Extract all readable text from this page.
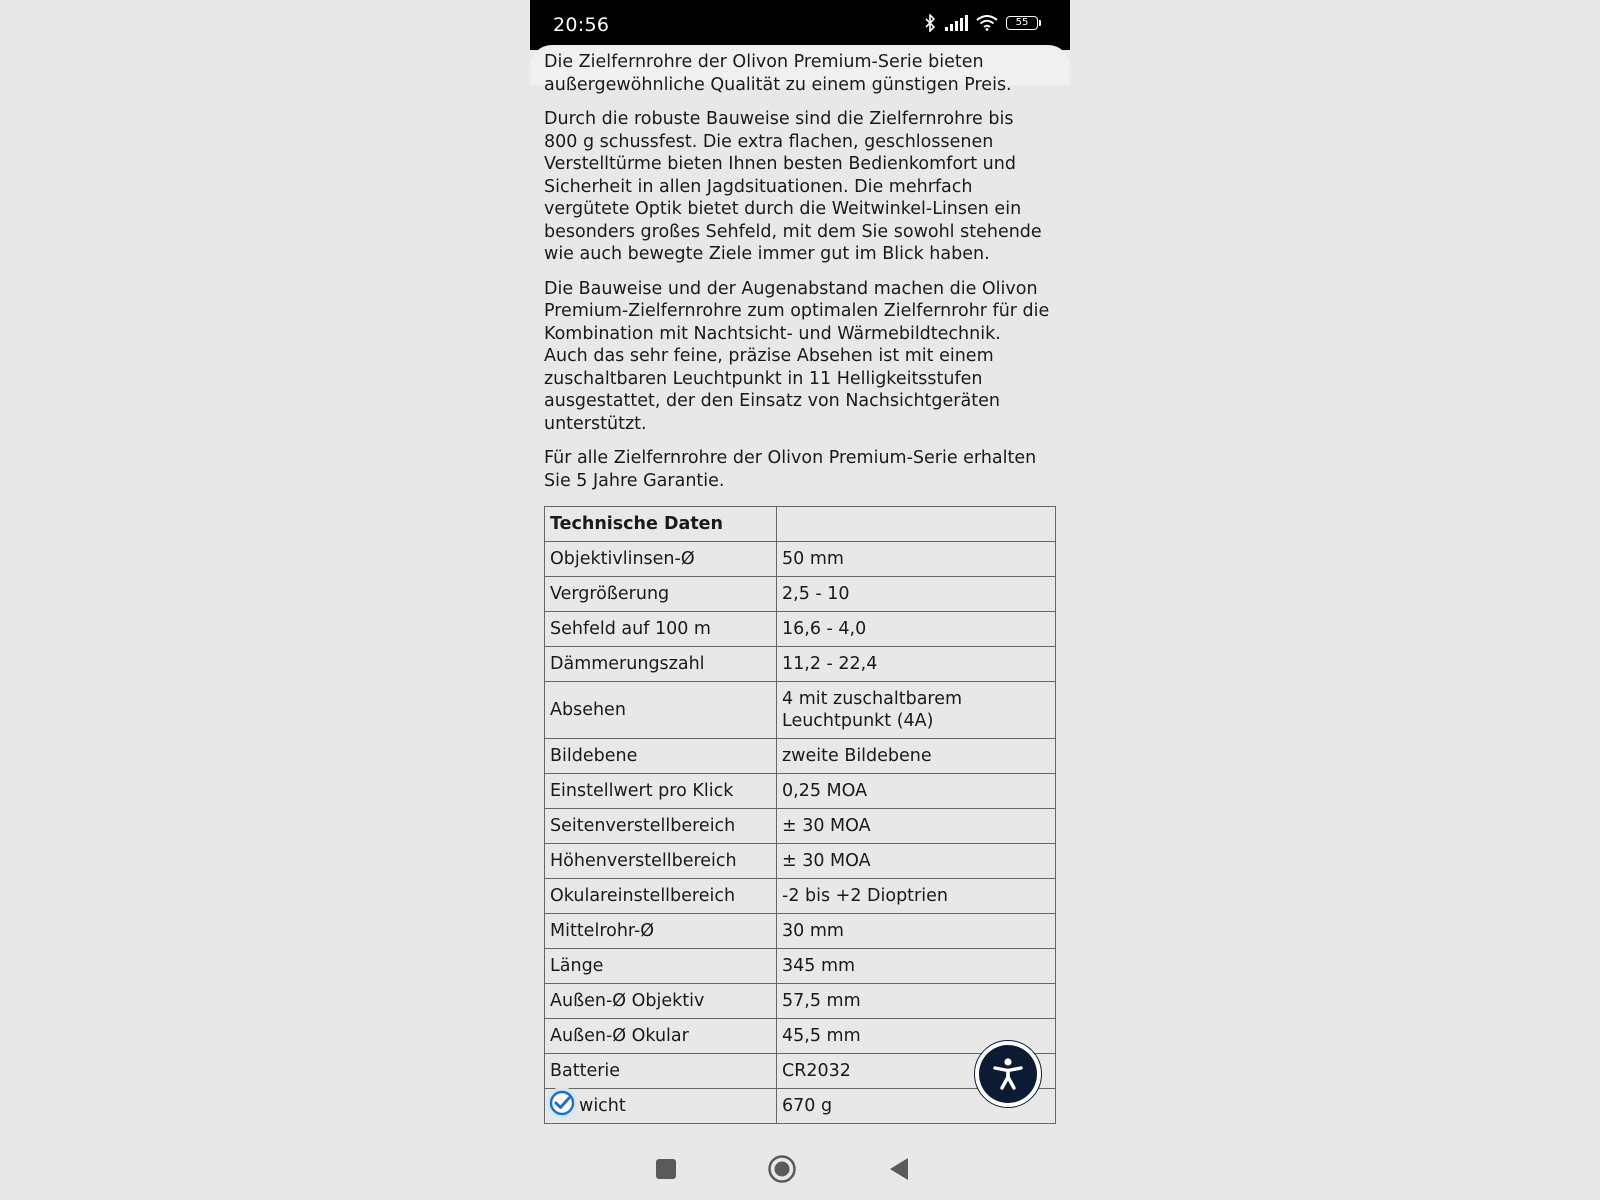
20:56	55

Die Zielfernrohre der Olivon Premium-Serie bieten
außergewöhnliche Qualität zu einem günstigen Preis.

Durch die robuste Bauweise sind die Zielfernrohre bis
800 g schussfest. Die extra flachen, geschlossenen
Verstelltürme bieten Ihnen besten Bedienkomfort und
Sicherheit in allen Jagdsituationen. Die mehrfach
vergütete Optik bietet durch die Weitwinkel-Linsen ein
besonders großes Sehfeld, mit dem Sie sowohl stehende
wie auch bewegte Ziele immer gut im Blick haben.

Die Bauweise und der Augenabstand machen die Olivon
Premium-Zielfernrohre zum optimalen Zielfernrohr für die
Kombination mit Nachtsicht- und Wärmebildtechnik.
Auch das sehr feine, präzise Absehen ist mit einem
zuschaltbaren Leuchtpunkt in 11 Helligkeitsstufen
ausgestattet, der den Einsatz von Nachsichtgeräten
unterstützt.

Für alle Zielfernrohre der Olivon Premium-Serie erhalten
Sie 5 Jahre Garantie.

Technische Daten	
Objektivlinsen-Ø	50 mm
Vergrößerung	2,5 - 10
Sehfeld auf 100 m	16,6 - 4,0
Dämmerungszahl	11,2 - 22,4
Absehen	4 mit zuschaltbarem
Leuchtpunkt (4A)
Bildebene	zweite Bildebene
Einstellwert pro Klick	0,25 MOA
Seitenverstellbereich	± 30 MOA
Höhenverstellbereich	± 30 MOA
Okulareinstellbereich	-2 bis +2 Dioptrien
Mittelrohr-Ø	30 mm
Länge	345 mm
Außen-Ø Objektiv	57,5 mm
Außen-Ø Okular	45,5 mm
Batterie	CR2032
wicht	670 g
